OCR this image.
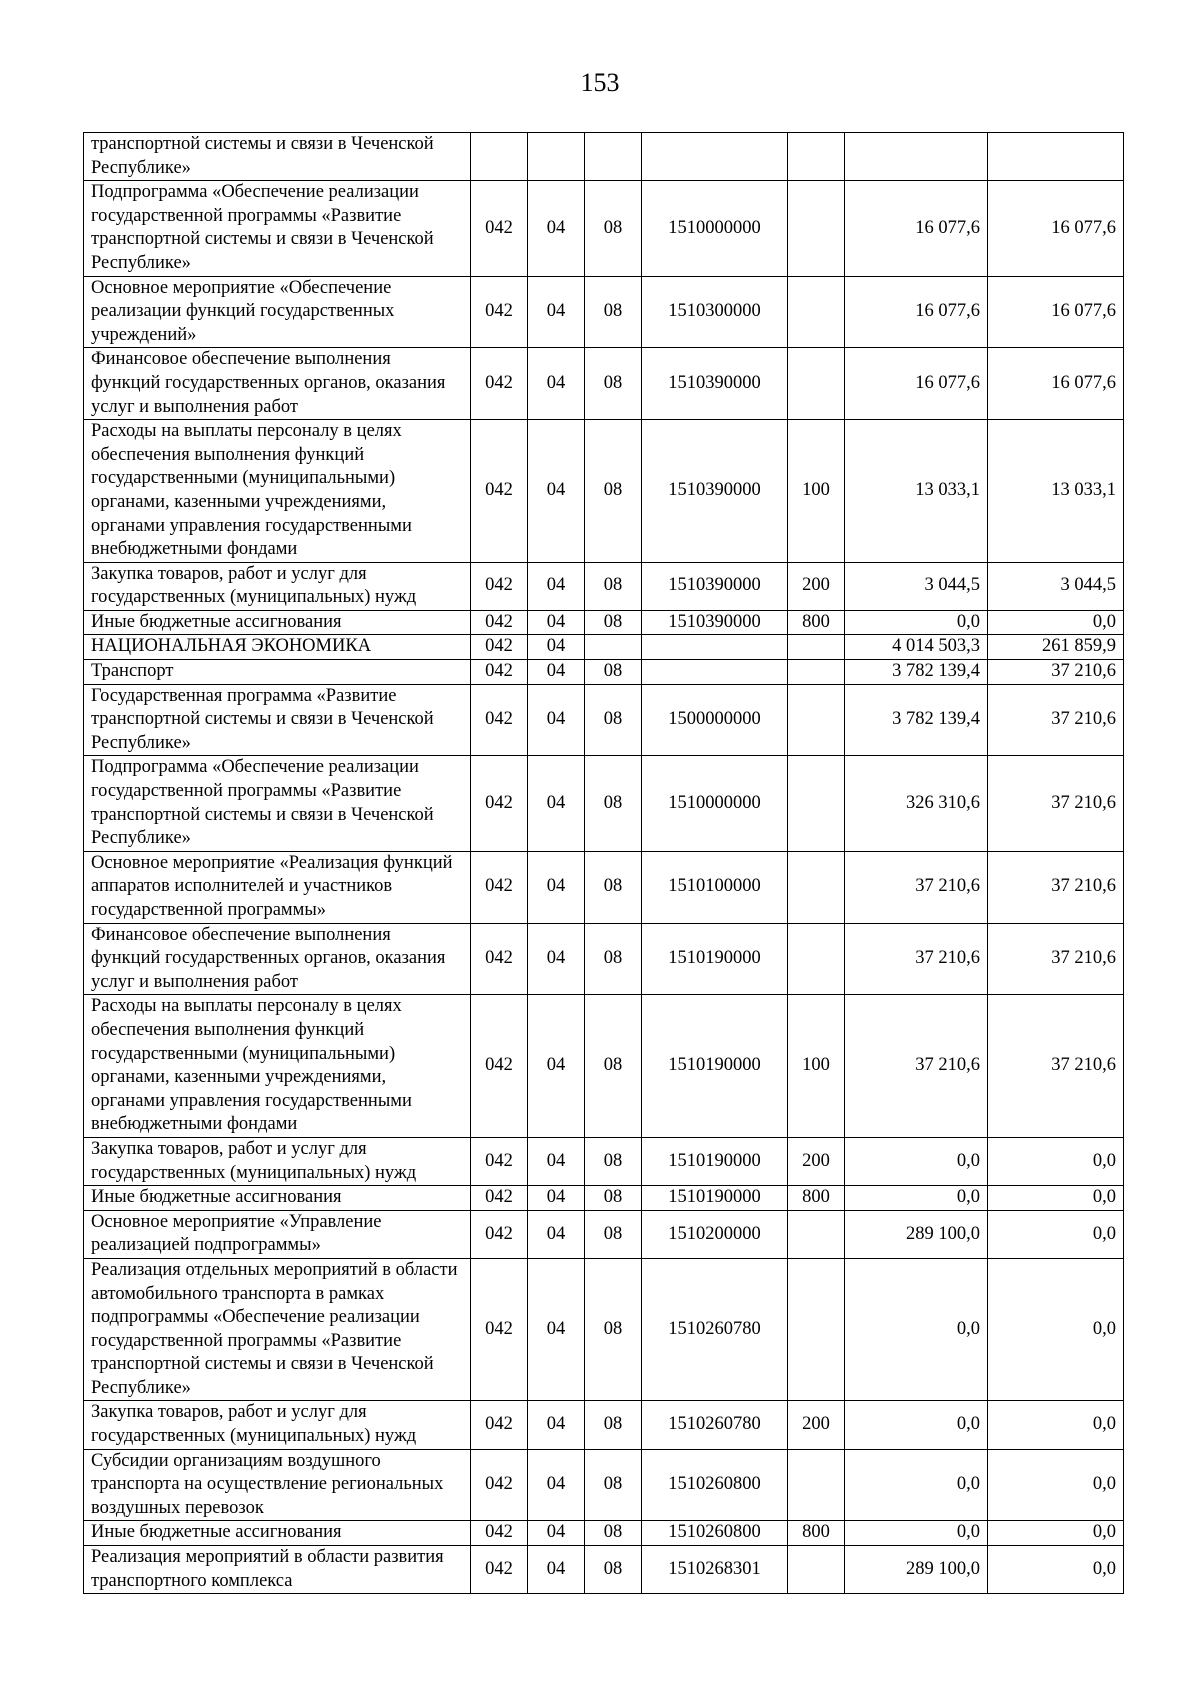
153
транспортной системы и связи в Чеченской Республике»							
Подпрограмма «Обеспечение реализации государственной программы «Развитие транспортной системы и связи в Чеченской Республике»	042	04	08	1510000000		16 077,6	16 077,6
Основное мероприятие «Обеспечение реализации функций государственных учреждений»	042	04	08	1510300000		16 077,6	16 077,6
Финансовое обеспечение выполнения функций государственных органов, оказания услуг и выполнения работ	042	04	08	1510390000		16 077,6	16 077,6
Расходы на выплаты персоналу в целях обеспечения выполнения функций государственными (муниципальными) органами, казенными учреждениями, органами управления государственными внебюджетными фондами	042	04	08	1510390000	100	13 033,1	13 033,1
Закупка товаров, работ и услуг для государственных (муниципальных) нужд	042	04	08	1510390000	200	3 044,5	3 044,5
Иные бюджетные ассигнования	042	04	08	1510390000	800	0,0	0,0
НАЦИОНАЛЬНАЯ ЭКОНОМИКА	042	04				4 014 503,3	261 859,9
Транспорт	042	04	08			3 782 139,4	37 210,6
Государственная программа «Развитие транспортной системы и связи в Чеченской Республике»	042	04	08	1500000000		3 782 139,4	37 210,6
Подпрограмма «Обеспечение реализации государственной программы «Развитие транспортной системы и связи в Чеченской Республике»	042	04	08	1510000000		326 310,6	37 210,6
Основное мероприятие «Реализация функций аппаратов исполнителей и участников государственной программы»	042	04	08	1510100000		37 210,6	37 210,6
Финансовое обеспечение выполнения функций государственных органов, оказания услуг и выполнения работ	042	04	08	1510190000		37 210,6	37 210,6
Расходы на выплаты персоналу в целях обеспечения выполнения функций государственными (муниципальными) органами, казенными учреждениями, органами управления государственными внебюджетными фондами	042	04	08	1510190000	100	37 210,6	37 210,6
Закупка товаров, работ и услуг для государственных (муниципальных) нужд	042	04	08	1510190000	200	0,0	0,0
Иные бюджетные ассигнования	042	04	08	1510190000	800	0,0	0,0
Основное мероприятие «Управление реализацией подпрограммы»	042	04	08	1510200000		289 100,0	0,0
Реализация отдельных мероприятий в области автомобильного транспорта в рамках подпрограммы «Обеспечение реализации государственной программы «Развитие транспортной системы и связи в Чеченской Республике»	042	04	08	1510260780		0,0	0,0
Закупка товаров, работ и услуг для государственных (муниципальных) нужд	042	04	08	1510260780	200	0,0	0,0
Субсидии организациям воздушного транспорта на осуществление региональных воздушных перевозок	042	04	08	1510260800		0,0	0,0
Иные бюджетные ассигнования	042	04	08	1510260800	800	0,0	0,0
Реализация мероприятий в области развития транспортного комплекса	042	04	08	1510268301		289 100,0	0,0
